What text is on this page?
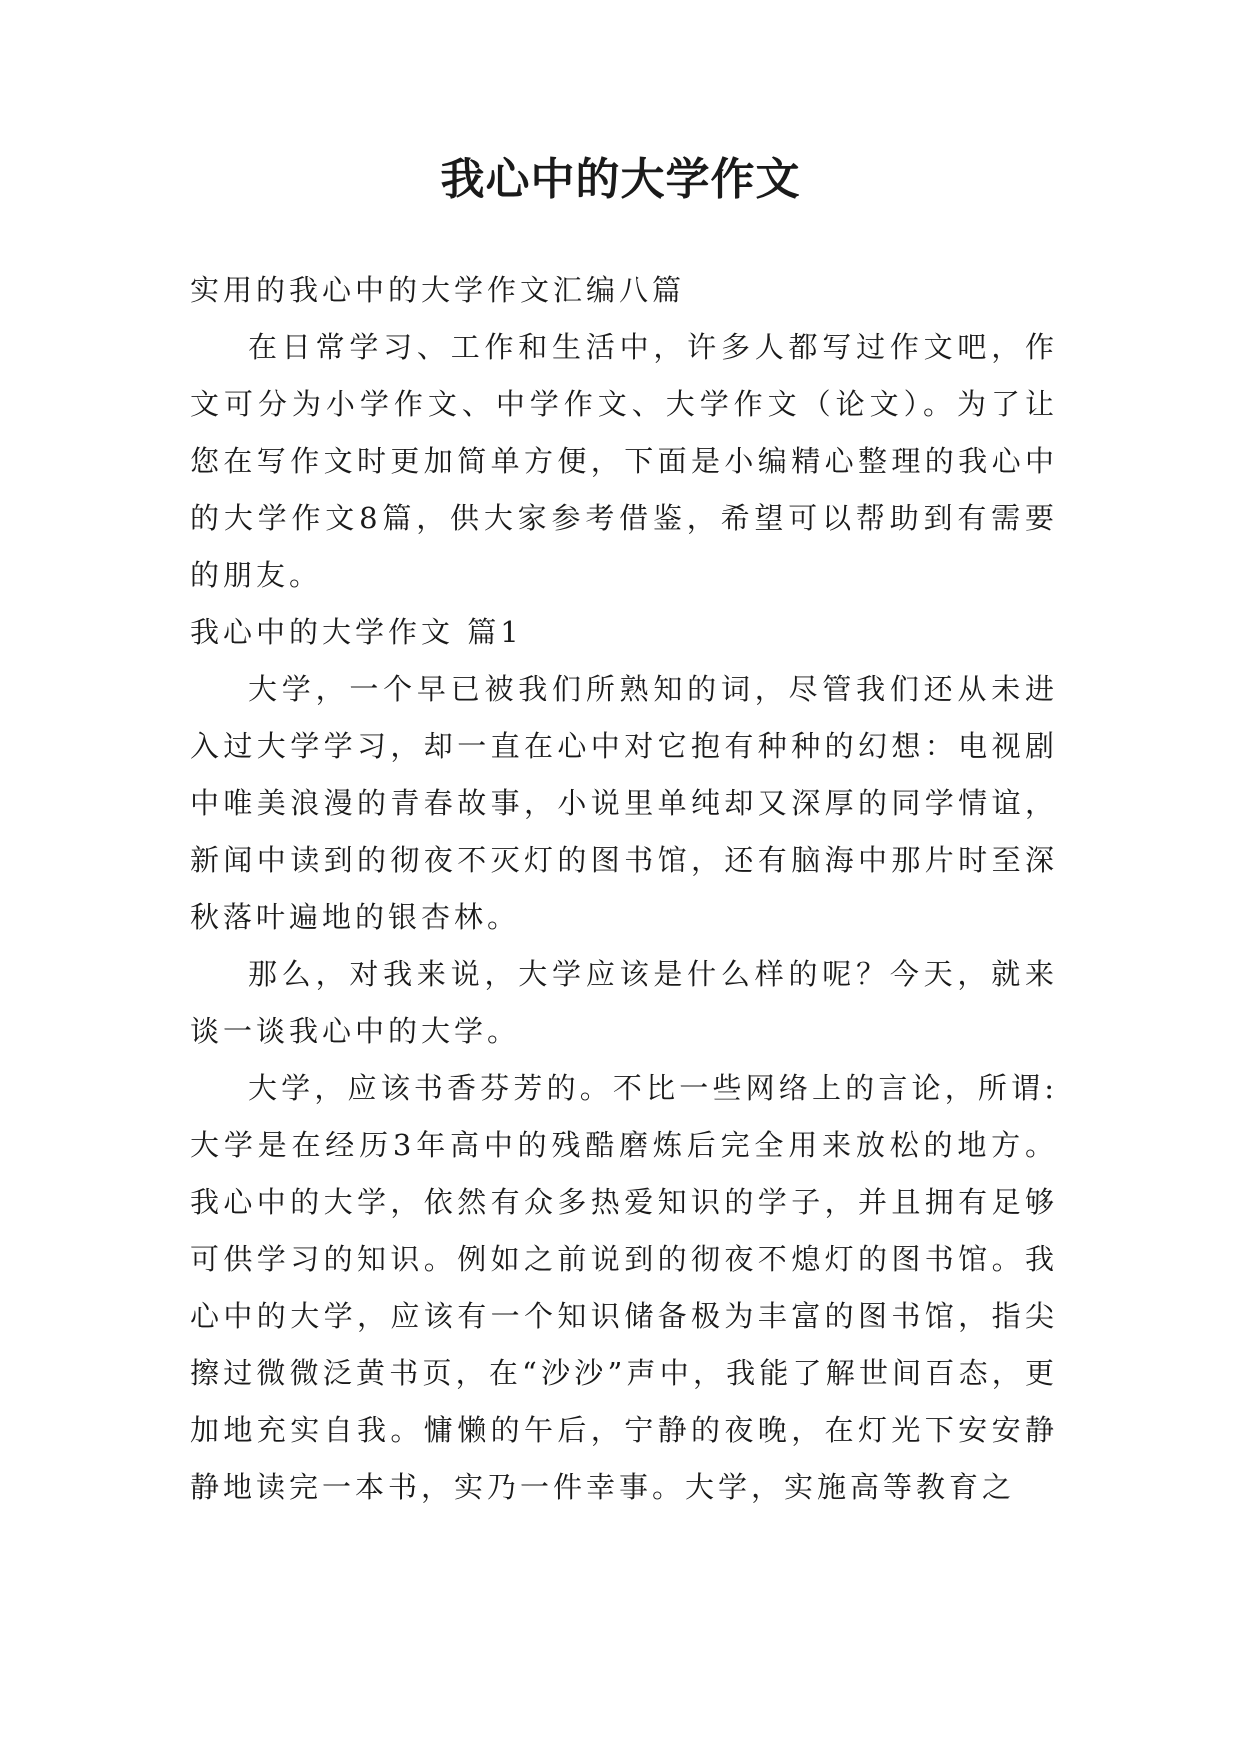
我心中的大学作文

实用的我心中的大学作文汇编八篇

在日常学习、工作和生活中，许多人都写过作文吧，作文可分为小学作文、中学作文、大学作文（论文）。为了让您在写作文时更加简单方便，下面是小编精心整理的我心中的大学作文8篇，供大家参考借鉴，希望可以帮助到有需要的朋友。

我心中的大学作文 篇1

大学，一个早已被我们所熟知的词，尽管我们还从未进入过大学学习，却一直在心中对它抱有种种的幻想：电视剧中唯美浪漫的青春故事，小说里单纯却又深厚的同学情谊，新闻中读到的彻夜不灭灯的图书馆，还有脑海中那片时至深秋落叶遍地的银杏林。

那么，对我来说，大学应该是什么样的呢？今天，就来谈一谈我心中的大学。

大学，应该书香芬芳的。不比一些网络上的言论，所谓:大学是在经历3年高中的残酷磨炼后完全用来放松的地方。我心中的大学，依然有众多热爱知识的学子，并且拥有足够可供学习的知识。例如之前说到的彻夜不熄灯的图书馆。我心中的大学，应该有一个知识储备极为丰富的图书馆，指尖擦过微微泛黄书页，在“沙沙”声中，我能了解世间百态，更加地充实自我。慵懒的午后，宁静的夜晚，在灯光下安安静静地读完一本书，实乃一件幸事。大学，实施高等教育之
